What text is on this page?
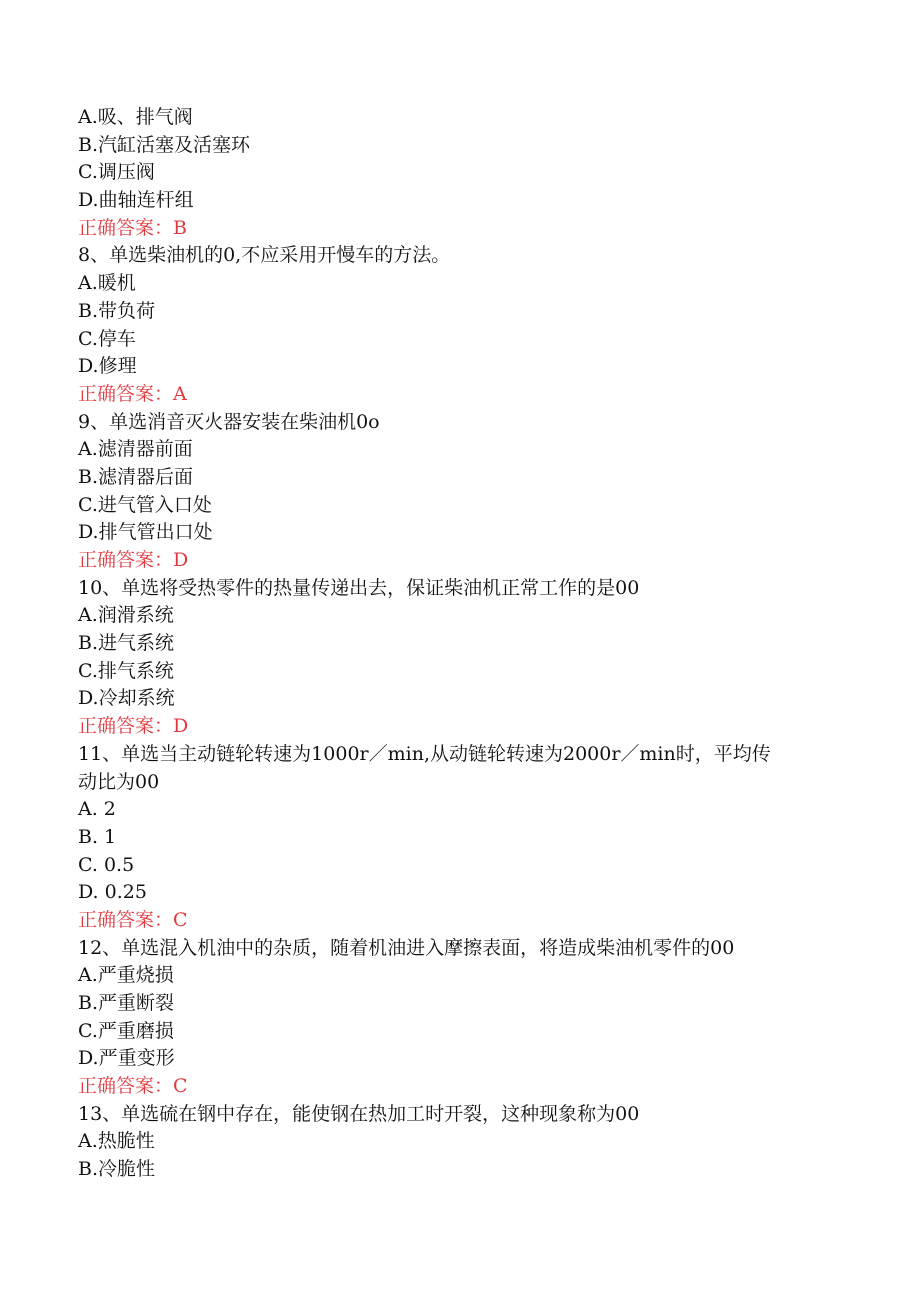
A.吸、排气阀

B.汽缸活塞及活塞环

C.调压阀

D.曲轴连杆组

正确答案：B

8、单选柴油机的0,不应采用开慢车的方法。

A.暖机

B.带负荷

C.停车

D.修理

正确答案：A

9、单选消音灭火器安装在柴油机0o

A.滤清器前面

B.滤清器后面

C.进气管入口处

D.排气管出口处

正确答案：D

10、单选将受热零件的热量传递出去，保证柴油机正常工作的是00

A.润滑系统

B.进气系统

C.排气系统

D.冷却系统

正确答案：D

11、单选当主动链轮转速为1000r／min,从动链轮转速为2000r／min时，平均传

动比为00

A. 2

B. 1

C. 0.5

D. 0.25

正确答案：C

12、单选混入机油中的杂质，随着机油进入摩擦表面，将造成柴油机零件的00

A.严重烧损

B.严重断裂

C.严重磨损

D.严重变形

正确答案：C

13、单选硫在钢中存在，能使钢在热加工时开裂，这种现象称为00

A.热脆性

B.冷脆性
